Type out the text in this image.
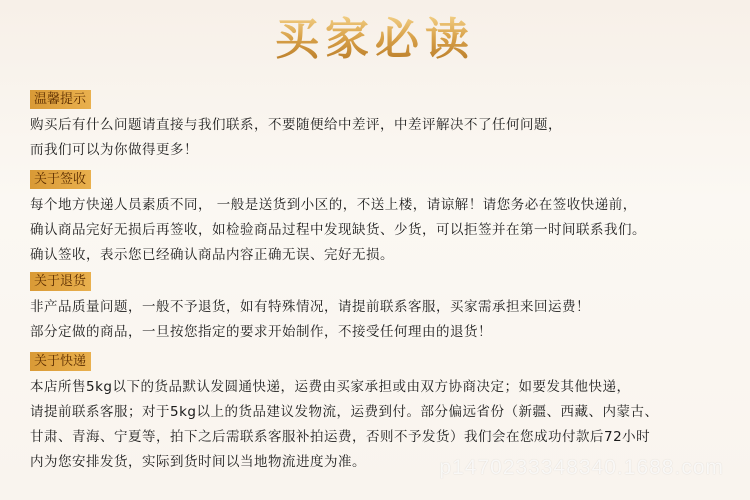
买家必读
温馨提示

购买后有什么问题请直接与我们联系，不要随便给中差评，中差评解决不了任何问题，

而我们可以为你做得更多！

关于签收

每个地方快递人员素质不同， 一般是送货到小区的，不送上楼，请谅解！请您务必在签收快递前，

确认商品完好无损后再签收，如检验商品过程中发现缺货、少货，可以拒签并在第一时间联系我们。

确认签收，表示您已经确认商品内容正确无误、完好无损。

关于退货

非产品质量问题，一般不予退货，如有特殊情况，请提前联系客服，买家需承担来回运费！

部分定做的商品，一旦按您指定的要求开始制作，不接受任何理由的退货！

关于快递

本店所售5kg以下的货品默认发圆通快递，运费由买家承担或由双方协商决定；如要发其他快递，

请提前联系客服；对于5kg以上的货品建议发物流，运费到付。部分偏远省份（新疆、西藏、内蒙古、

甘肃、青海、宁夏等，拍下之后需联系客服补拍运费，否则不予发货）我们会在您成功付款后72小时

内为您安排发货，实际到货时间以当地物流进度为准。	p1470233348340.1688.com
